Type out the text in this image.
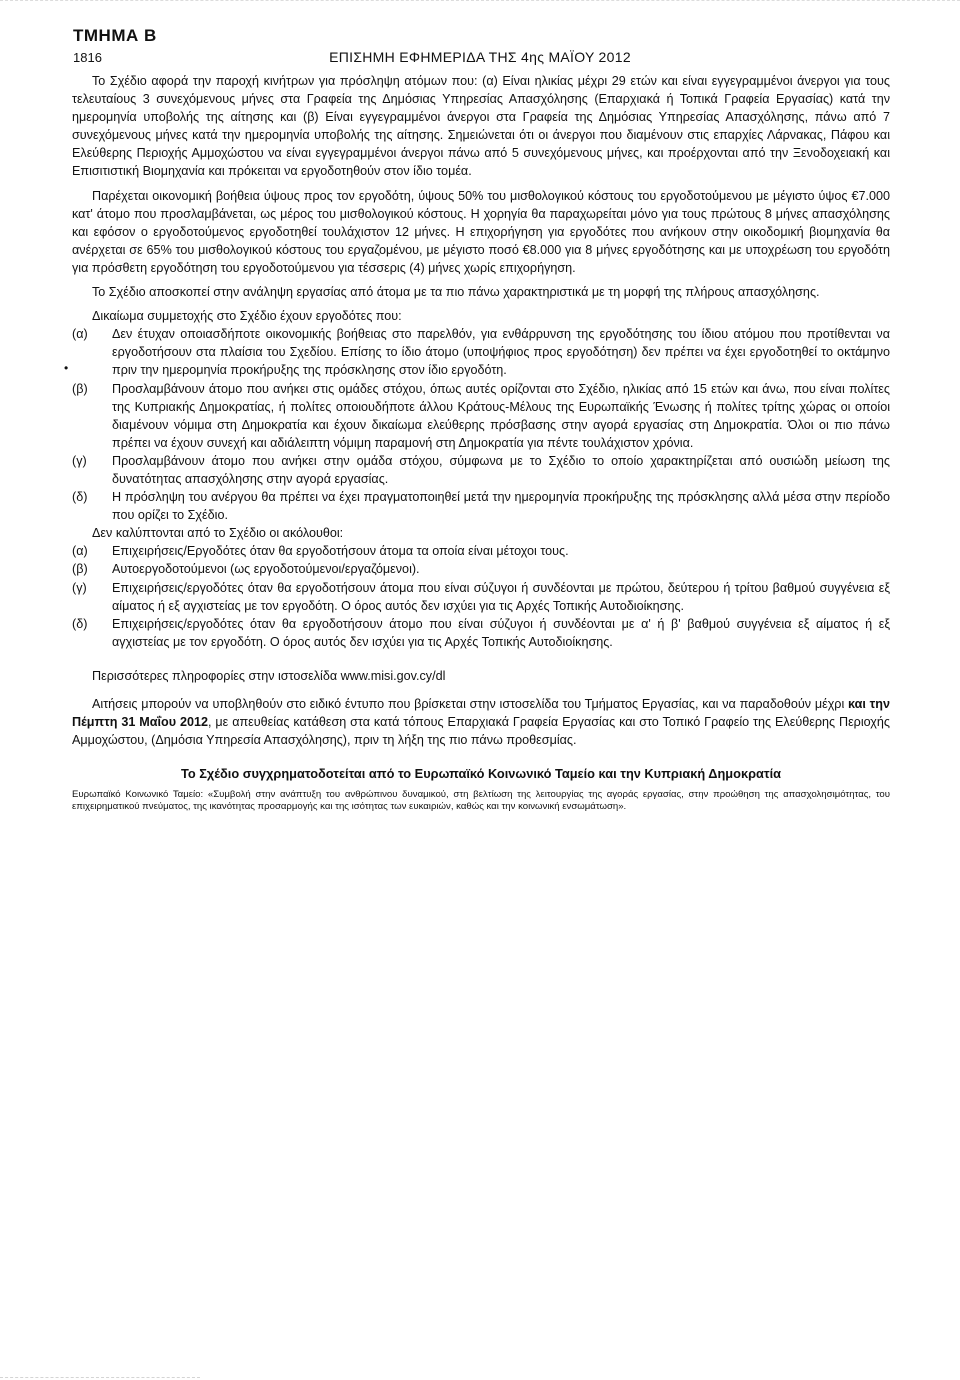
ΤΜΗΜΑ Β
1816	ΕΠΙΣΗΜΗ ΕΦΗΜΕΡΙΔΑ ΤΗΣ 4ης ΜΑΪΟΥ 2012
•

Το Σχέδιο αφορά την παροχή κινήτρων για πρόσληψη ατόμων που: (α) Είναι ηλικίας μέχρι 29 ετών και είναι εγγεγραμμένοι άνεργοι για τους τελευταίους 3 συνεχόμενους μήνες στα Γραφεία της Δημόσιας Υπηρεσίας Απασχόλησης (Επαρχιακά ή Τοπικά Γραφεία Εργασίας) κατά την ημερομηνία υποβολής της αίτησης και (β) Είναι εγγεγραμμένοι άνεργοι στα Γραφεία της Δημόσιας Υπηρεσίας Απασχόλησης, πάνω από 7 συνεχόμενους μήνες κατά την ημερομηνία υποβολής της αίτησης. Σημειώνεται ότι οι άνεργοι που διαμένουν στις επαρχίες Λάρνακας, Πάφου και Ελεύθερης Περιοχής Αμμοχώστου να είναι εγγεγραμμένοι άνεργοι πάνω από 5 συνεχόμενους μήνες, και προέρχονται από την Ξενοδοχειακή και Επισιτιστική Βιομηχανία και πρόκειται να εργοδοτηθούν στον ίδιο τομέα.

Παρέχεται οικονομική βοήθεια ύψους προς τον εργοδότη, ύψους 50% του μισθολογικού κόστους του εργοδοτούμενου με μέγιστο ύψος €7.000 κατ' άτομο που προσλαμβάνεται, ως μέρος του μισθολογικού κόστους. Η χορηγία θα παραχωρείται μόνο για τους πρώτους 8 μήνες απασχόλησης και εφόσον ο εργοδοτούμενος εργοδοτηθεί τουλάχιστον 12 μήνες. Η επιχορήγηση για εργοδότες που ανήκουν στην οικοδομική βιομηχανία θα ανέρχεται σε 65% του μισθολογικού κόστους του εργαζομένου, με μέγιστο ποσό €8.000 για 8 μήνες εργοδότησης και με υποχρέωση του εργοδότη για πρόσθετη εργοδότηση του εργοδοτούμενου για τέσσερις (4) μήνες χωρίς επιχορήγηση.

Το Σχέδιο αποσκοπεί στην ανάληψη εργασίας από άτομα με τα πιο πάνω χαρακτηριστικά με τη μορφή της πλήρους απασχόλησης.

Δικαίωμα συμμετοχής στο Σχέδιο έχουν εργοδότες που:

(α)	Δεν έτυχαν οποιασδήποτε οικονομικής βοήθειας στο παρελθόν, για ενθάρρυνση της εργοδότησης του ίδιου ατόμου που προτίθενται να εργοδοτήσουν στα πλαίσια του Σχεδίου. Επίσης το ίδιο άτομο (υποψήφιος προς εργοδότηση) δεν πρέπει να έχει εργοδοτηθεί το οκτάμηνο πριν την ημερομηνία προκήρυξης της πρόσκλησης στον ίδιο εργοδότη.
(β)	Προσλαμβάνουν άτομο που ανήκει στις ομάδες στόχου, όπως αυτές ορίζονται στο Σχέδιο, ηλικίας από 15 ετών και άνω, που είναι πολίτες της Κυπριακής Δημοκρατίας, ή πολίτες οποιουδήποτε άλλου Κράτους-Μέλους της Ευρωπαϊκής Ένωσης ή πολίτες τρίτης χώρας οι οποίοι διαμένουν νόμιμα στη Δημοκρατία και έχουν δικαίωμα ελεύθερης πρόσβασης στην αγορά εργασίας στη Δημοκρατία. Όλοι οι πιο πάνω πρέπει να έχουν συνεχή και αδιάλειπτη νόμιμη παραμονή στη Δημοκρατία για πέντε τουλάχιστον χρόνια.
(γ)	Προσλαμβάνουν άτομο που ανήκει στην ομάδα στόχου, σύμφωνα με το Σχέδιο το οποίο χαρακτηρίζεται από ουσιώδη μείωση της δυνατότητας απασχόλησης στην αγορά εργασίας.
(δ)	Η πρόσληψη του ανέργου θα πρέπει να έχει πραγματοποιηθεί μετά την ημερομηνία προκήρυξης της πρόσκλησης αλλά μέσα στην περίοδο που ορίζει το Σχέδιο.

Δεν καλύπτονται από το Σχέδιο οι ακόλουθοι:

(α)	Επιχειρήσεις/Εργοδότες όταν θα εργοδοτήσουν άτομα τα οποία είναι μέτοχοι τους.
(β)	Αυτοεργοδοτούμενοι (ως εργοδοτούμενοι/εργαζόμενοι).
(γ)	Επιχειρήσεις/εργοδότες όταν θα εργοδοτήσουν άτομα που είναι σύζυγοι ή συνδέονται με πρώτου, δεύτερου ή τρίτου βαθμού συγγένεια εξ αίματος ή εξ αγχιστείας με τον εργοδότη. Ο όρος αυτός δεν ισχύει για τις Αρχές Τοπικής Αυτοδιοίκησης.
(δ)	Επιχειρήσεις/εργοδότες όταν θα εργοδοτήσουν άτομο που είναι σύζυγοι ή συνδέονται με α' ή β' βαθμού συγγένεια εξ αίματος ή εξ αγχιστείας με τον εργοδότη. Ο όρος αυτός δεν ισχύει για τις Αρχές Τοπικής Αυτοδιοίκησης.

Περισσότερες πληροφορίες στην ιστοσελίδα www.misi.gov.cy/dl

Αιτήσεις μπορούν να υποβληθούν στο ειδικό έντυπο που βρίσκεται στην ιστοσελίδα του Τμήματος Εργασίας, και να παραδοθούν μέχρι και την Πέμπτη 31 Μαΐου 2012, με απευθείας κατάθεση στα κατά τόπους Επαρχιακά Γραφεία Εργασίας και στο Τοπικό Γραφείο της Ελεύθερης Περιοχής Αμμοχώστου, (Δημόσια Υπηρεσία Απασχόλησης), πριν τη λήξη της πιο πάνω προθεσμίας.

Το Σχέδιο συγχρηματοδοτείται από το Ευρωπαϊκό Κοινωνικό Ταμείο και την Κυπριακή Δημοκρατία
Ευρωπαϊκό Κοινωνικό Ταμείο: «Συμβολή στην ανάπτυξη του ανθρώπινου δυναμικού, στη βελτίωση της λειτουργίας της αγοράς εργασίας, στην προώθηση της απασχολησιμότητας, του επιχειρηματικού πνεύματος, της ικανότητας προσαρμογής και της ισότητας των ευκαιριών, καθώς και την κοινωνική ενσωμάτωση».
